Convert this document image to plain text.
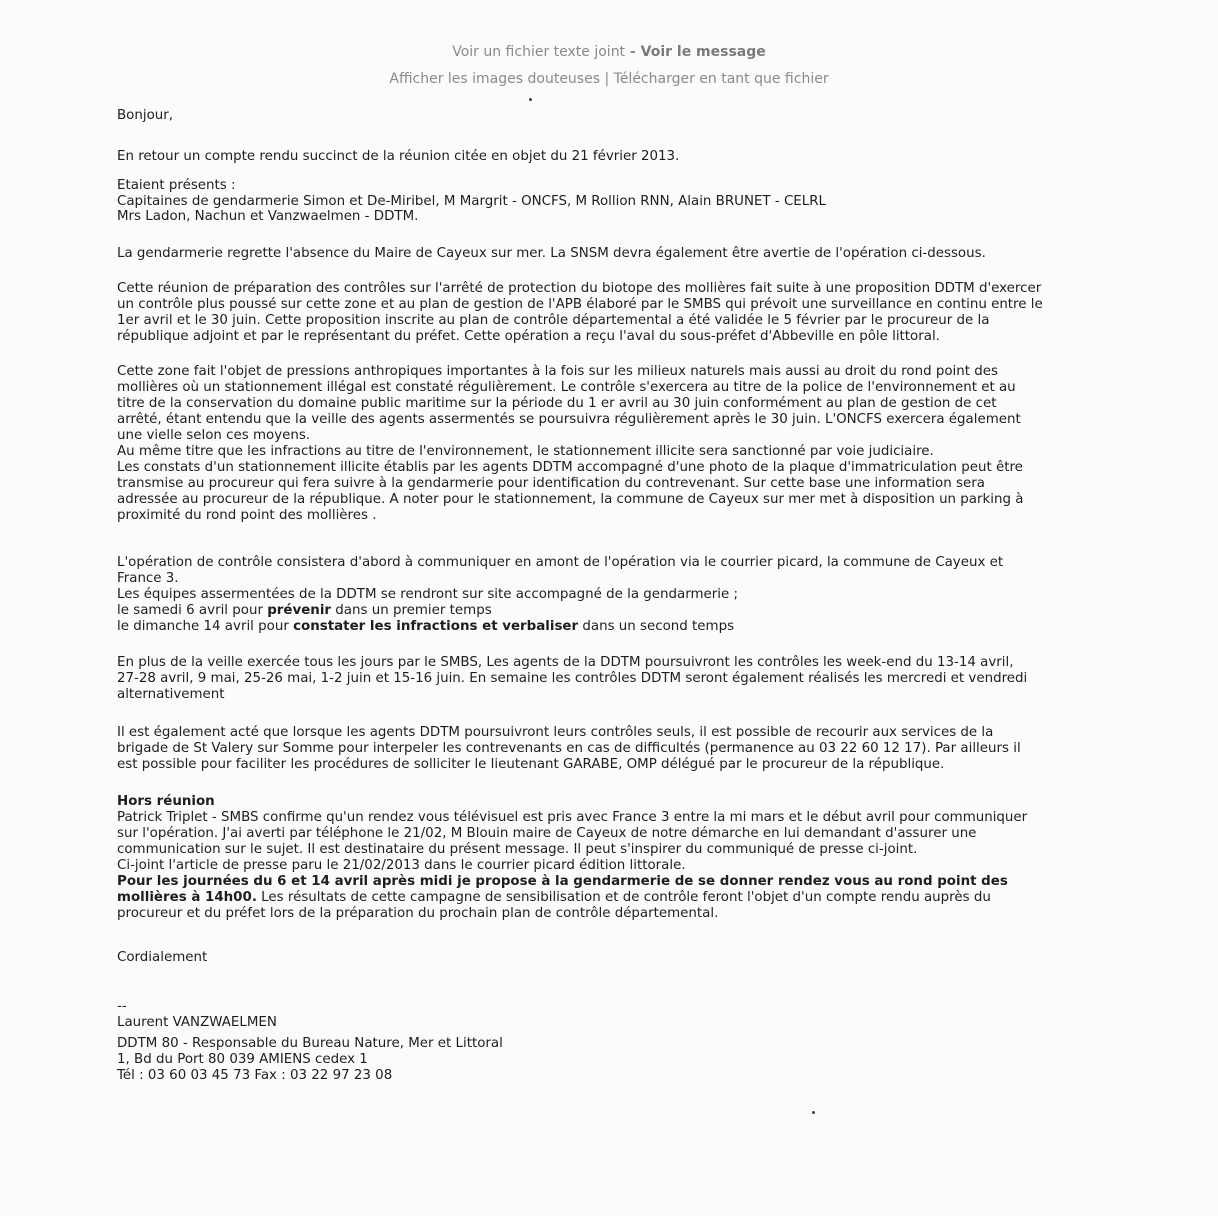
Voir un fichier texte joint - Voir le message
Afficher les images douteuses | Télécharger en tant que fichier
Bonjour,
En retour un compte rendu succinct de la réunion citée en objet du 21 février 2013.
Etaient présents :
Capitaines de gendarmerie Simon et De-Miribel, M Margrit - ONCFS, M Rollion RNN, Alain BRUNET - CELRL
Mrs Ladon, Nachun et Vanzwaelmen - DDTM.
La gendarmerie regrette l'absence du Maire de Cayeux sur mer. La SNSM devra également être avertie de l'opération ci-dessous.
Cette réunion de préparation des contrôles sur l'arrêté de protection du biotope des mollières fait suite à une proposition DDTM d'exercer
un contrôle plus poussé sur cette zone et au plan de gestion de l'APB élaboré par le SMBS qui prévoit une surveillance en continu entre le
1er avril et le 30 juin. Cette proposition inscrite au plan de contrôle départemental a été validée le 5 février par le procureur de la
république adjoint et par le représentant du préfet. Cette opération a reçu l'aval du sous-préfet d'Abbeville en pôle littoral.
Cette zone fait l'objet de pressions anthropiques importantes à la fois sur les milieux naturels mais aussi au droit du rond point des
mollières où un stationnement illégal est constaté régulièrement. Le contrôle s'exercera au titre de la police de l'environnement et au
titre de la conservation du domaine public maritime sur la période du 1 er avril au 30 juin conformément au plan de gestion de cet
arrêté, étant entendu que la veille des agents assermentés se poursuivra régulièrement après le 30 juin. L'ONCFS exercera également
une vielle selon ces moyens.
Au même titre que les infractions au titre de l'environnement, le stationnement illicite sera sanctionné par voie judiciaire.
Les constats d'un stationnement illicite établis par les agents DDTM accompagné d'une photo de la plaque d'immatriculation peut être
transmise au procureur qui fera suivre à la gendarmerie pour identification du contrevenant. Sur cette base une information sera
adressée au procureur de la république. A noter pour le stationnement, la commune de Cayeux sur mer met à disposition un parking à
proximité du rond point des mollières .
L'opération de contrôle consistera d'abord à communiquer en amont de l'opération via le courrier picard, la commune de Cayeux et
France 3.
Les équipes assermentées de la DDTM se rendront sur site accompagné de la gendarmerie ;
le samedi 6 avril pour prévenir dans un premier temps
le dimanche 14 avril pour constater les infractions et verbaliser dans un second temps
En plus de la veille exercée tous les jours par le SMBS, Les agents de la DDTM poursuivront les contrôles les week-end du 13-14 avril,
27-28 avril, 9 mai, 25-26 mai, 1-2 juin et 15-16 juin. En semaine les contrôles DDTM seront également réalisés les mercredi et vendredi
alternativement
Il est également acté que lorsque les agents DDTM poursuivront leurs contrôles seuls, il est possible de recourir aux services de la
brigade de St Valery sur Somme pour interpeler les contrevenants en cas de difficultés (permanence au 03 22 60 12 17). Par ailleurs il
est possible pour faciliter les procédures de solliciter le lieutenant GARABE, OMP délégué par le procureur de la république.
Hors réunion
Patrick Triplet - SMBS confirme qu'un rendez vous télévisuel est pris avec France 3 entre la mi mars et le début avril pour communiquer
sur l'opération. J'ai averti par téléphone le 21/02, M Blouin maire de Cayeux de notre démarche en lui demandant d'assurer une
communication sur le sujet. Il est destinataire du présent message. Il peut s'inspirer du communiqué de presse ci-joint.
Ci-joint l'article de presse paru le 21/02/2013 dans le courrier picard édition littorale.
Pour les journées du 6 et 14 avril après midi je propose à la gendarmerie de se donner rendez vous au rond point des
mollières à 14h00. Les résultats de cette campagne de sensibilisation et de contrôle feront l'objet d'un compte rendu auprès du
procureur et du préfet lors de la préparation du prochain plan de contrôle départemental.
Cordialement
--
Laurent VANZWAELMEN
DDTM 80 - Responsable du Bureau Nature, Mer et Littoral
1, Bd du Port 80 039 AMIENS cedex 1
Tél : 03 60 03 45 73 Fax : 03 22 97 23 08
